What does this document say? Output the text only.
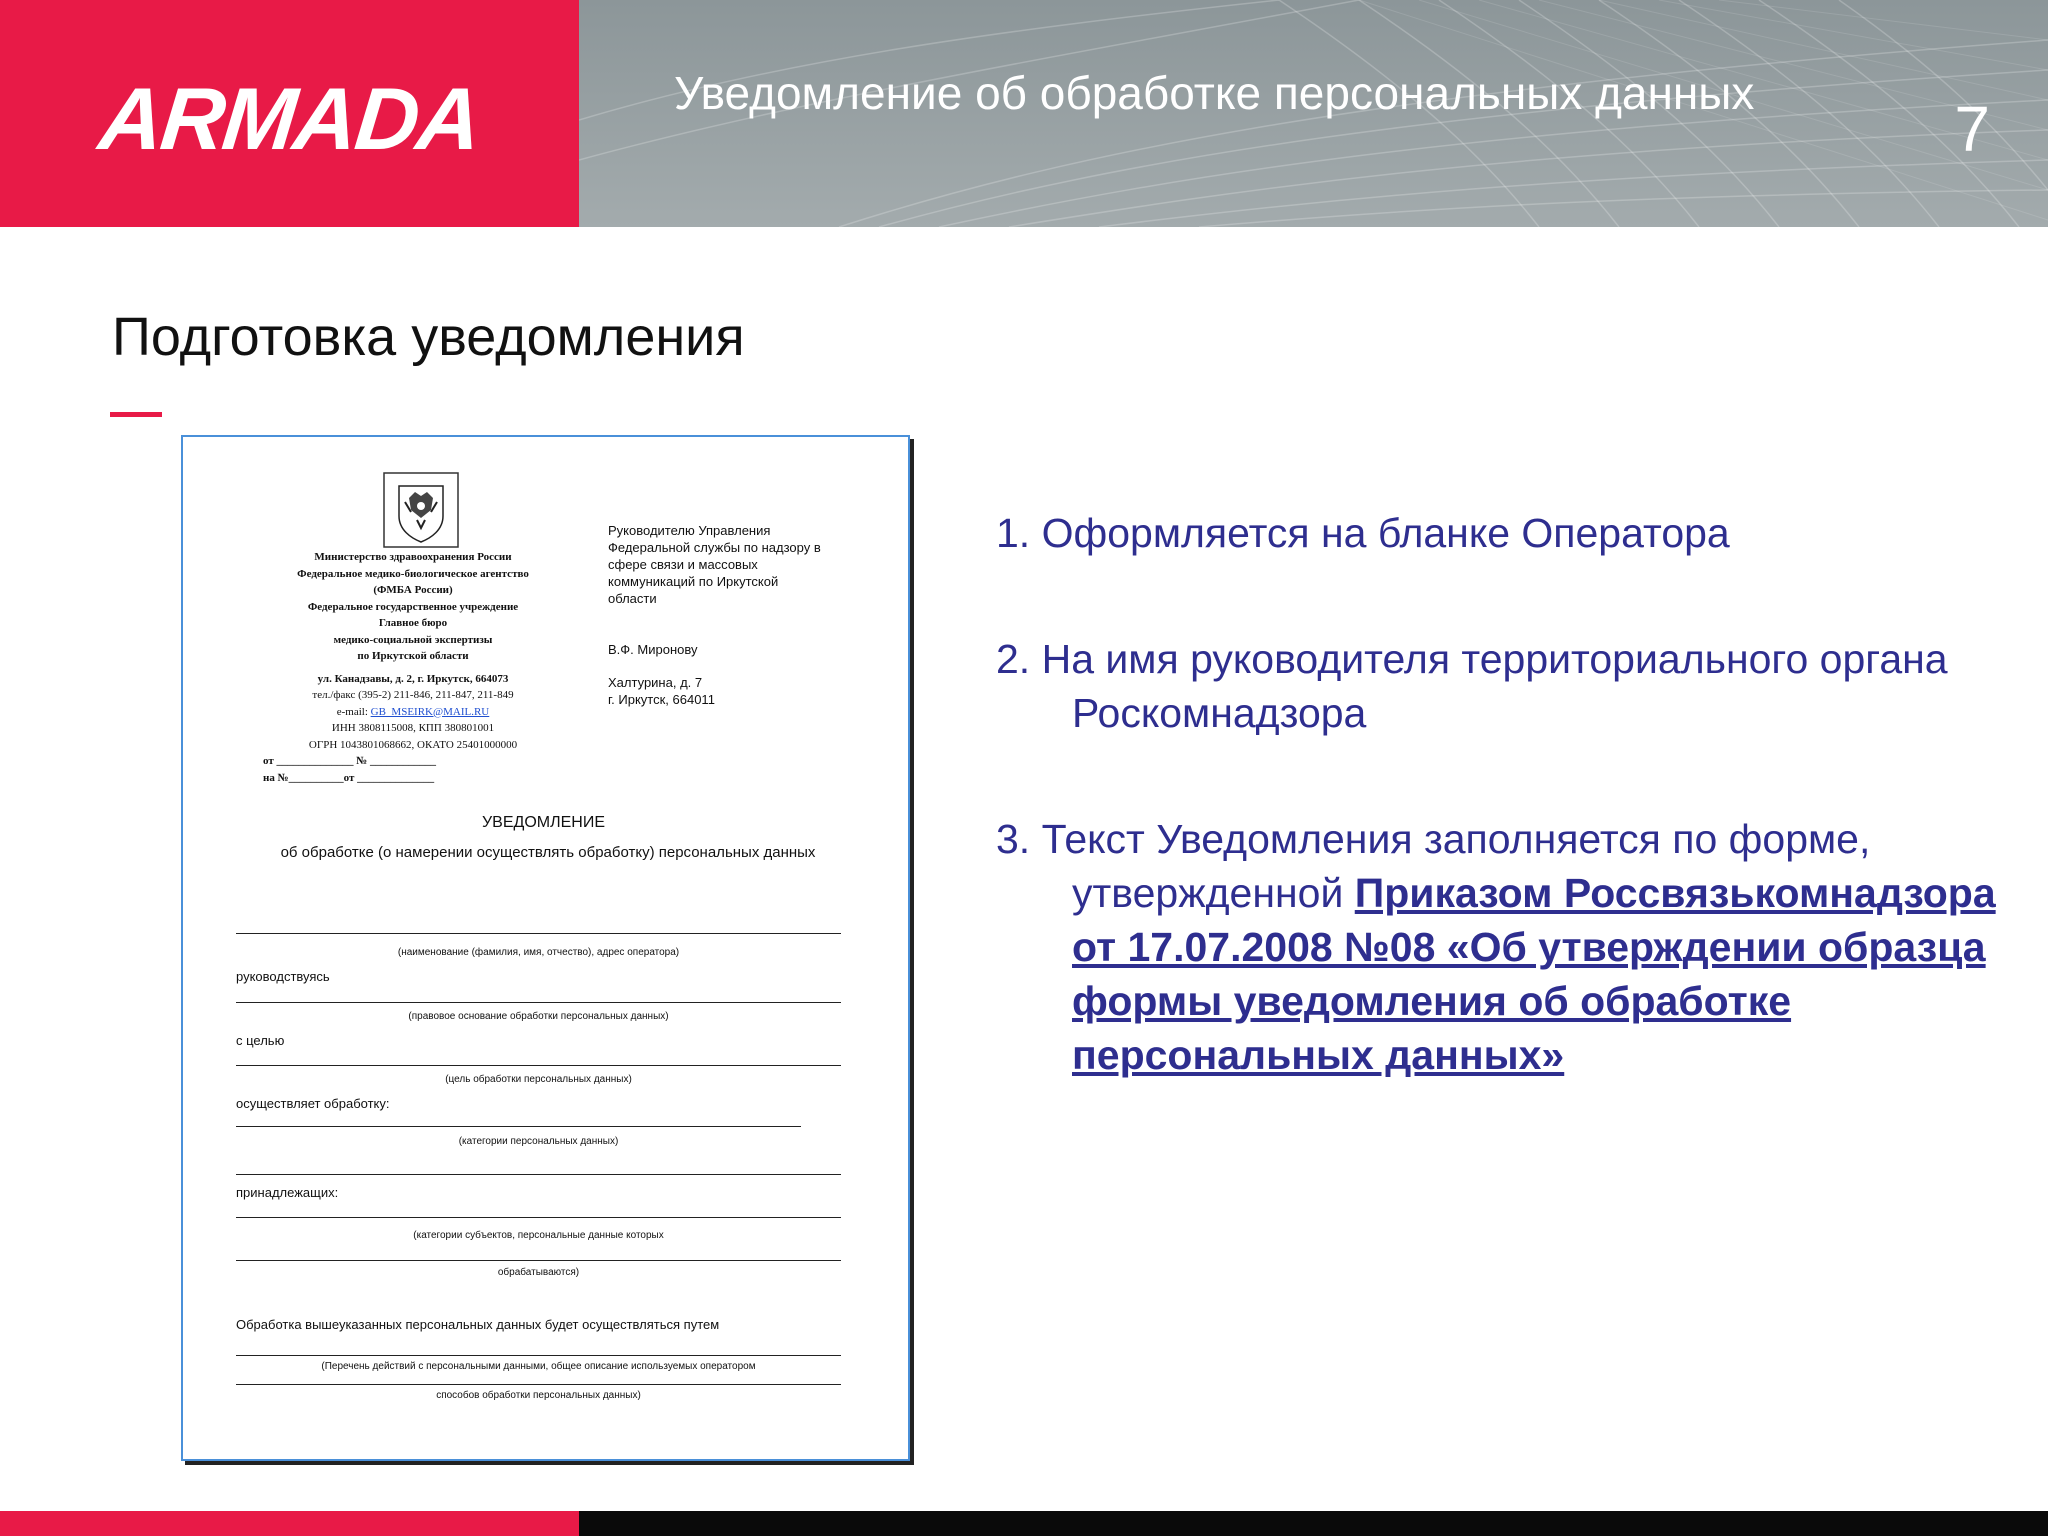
ARMADA	Уведомление об обработке персональных данных	7
Подготовка уведомления
Министерство здравоохранения России
Федеральное медико-биологическое агентство
(ФМБА России)
Федеральное государственное учреждение
Главное бюро
медико-социальной экспертизы
по Иркутской области
ул. Канадзавы, д. 2, г. Иркутск, 664073
тел./факс (395-2) 211-846, 211-847, 211-849
e-mail: GB_MSEIRK@MAIL.RU
ИНН 3808115008, КПП 380801001
ОГРН 1043801068662, ОКАТО 25401000000
от ______________ № ____________
на №__________от ______________
Руководителю Управления
Федеральной службы по надзору в
сфере связи и массовых
коммуникаций по Иркутской
области
В.Ф. Миронову
Халтурина, д. 7
г. Иркутск, 664011
УВЕДОМЛЕНИЕ
об обработке (о намерении осуществлять обработку) персональных данных
(наименование (фамилия, имя, отчество), адрес оператора)
руководствуясь
(правовое основание обработки персональных данных)
с целью
(цель обработки персональных данных)
осуществляет обработку:
(категории персональных данных)
принадлежащих:
(категории субъектов, персональные данные которых
обрабатываются)
Обработка вышеуказанных персональных данных будет осуществляться путем
(Перечень действий с персональными данными, общее описание используемых оператором
способов обработки персональных данных)
1. Оформляется на бланке Оператора
2. На имя руководителя территориального органа Роскомнадзора
3. Текст Уведомления заполняется по форме, утвержденной Приказом Россвязькомнадзора от 17.07.2008 №08 «Об утверждении образца формы уведомления об обработке персональных данных»
